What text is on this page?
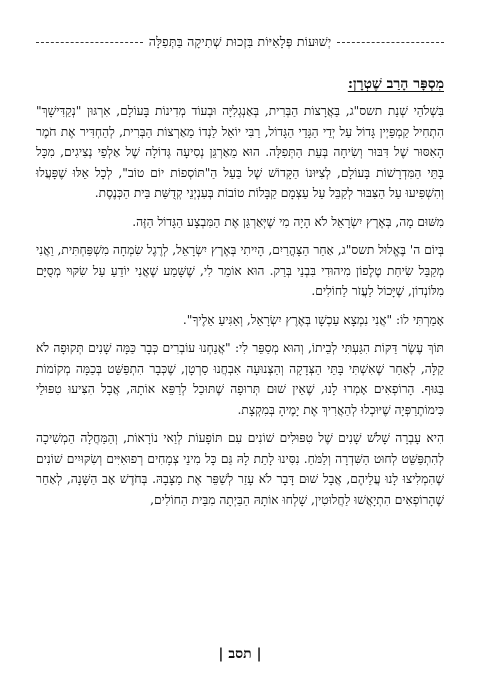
יְשׁוּעוֹת פְּלָאִיּוֹת בִּזְכוּת שְׁתִיקָה בַּתְּפִלָּה
מִסְפָּר הָרַב שֶׁטְרָן:

בִּשְׁלֹהֵי שְׁנַת תשס"ג, בַּאֲרָצוֹת הַבְּרִית, בְּאַנְגְלִיָּה וּבְעוֹד מְדִינוֹת בָּעוֹלָם, אִרְגּוּן "נְקַדִּישָׁךְ" הִתְחִיל קַמְפֵּיְין גָּדוֹל עַל יְדֵי הַגָּדֵי הַגָּדוֹל, רַבִּי יוֹאֵל לַנְדוֹ מֵאַרְצוֹת הַבְּרִית, לְהַחְדִּיר אֶת חֹמֶר הָאִסּוּר שֶׁל דִּבּוּר וְשִׂיחָה בְּעֵת הַתְּפִלָּה. הוּא מֵאַרְגֵּן נְסִיעָה גְּדוֹלָה שֶׁל אַלְפֵי נְצִיגִים, מִכָּל בָּתֵּי הַמִּדְרָשׁוֹת בָּעוֹלָם, לְצִיּוּנוֹ הַקָּדוֹשׁ שֶׁל בַּעַל הַ"תּוֹסְפוֹת יוֹם טוֹב", לְכָל אֵלּוּ שֶׁפָּעֲלוּ וְהִשְׁפִּיעוּ עַל הַצִּבּוּר לְקַבֵּל עַל עַצְמָם קַבָּלוֹת טוֹבוֹת בְּעִנְיְנֵי קְדֻשַּׁת בֵּית הַכְּנֶסֶת.

מִשּׁוּם מָה, בְּאֶרֶץ יִשְׂרָאֵל לֹא הָיָה מִי שֶׁיְּאַרְגֵּן אֶת הַמִּבְצָע הַגָּדוֹל הַזֶּה.

בְּיוֹם ה' בֶּאֱלוּל תשס"ג, אַחַר הַצָּהֳרַיִם, הָיִיתִי בְּאֶרֶץ יִשְׂרָאֵל, לְרֶגֶל שִׂמְחָה מִשְׁפַּחְתִּית, וַאֲנִי מְקַבֵּל שִׂיחַת טֶלֶפוֹן מִיהוּדִי בִּבְנֵי בְּרַק. הוּא אוֹמֵר לִי, שֶׁשָּׁמַע שֶׁאֲנִי יוֹדֵעַ עַל שִׂקּוּי מְסֻיָּם מִלּוֹנְדוֹן, שֶׁיָּכוֹל לַעֲזֹר לַחוֹלִים.

אָמַרְתִּי לוֹ: "אֲנִי נִמְצָא עַכְשָׁו בְּאֶרֶץ יִשְׂרָאֵל, וְאַגִּיעַ אֵלֶיךָ".

תּוֹךְ עֶשֶׂר דַּקּוֹת הִגַּעְתִּי לְבֵיתוֹ, וְהוּא מְסַפֵּר לִי: "אֲנַחְנוּ עוֹבְרִים כְּבָר כַּמָּה שָׁנִים תְּקוּפָה לֹא קַלָּה, לְאַחַר שֶׁאִשְׁתִּי בָּתֵּי הַצְּדָקָה וְהַצְּנוּעָה אִבְחֲנוּ סַרְטָן, שֶׁכְּבָר הִתְפַּשֵּׁט בְּכַמָּה מְקוֹמוֹת בַּגּוּף. הָרוֹפְאִים אָמְרוּ לָנוּ, שֶׁאֵין שׁוּם תְּרוּפָה שֶׁתּוּכַל לְרַפֵּא אוֹתָהּ, אֲבָל הִצִּיעוּ טִפּוּלֵי כִּימוֹתֶרַפְּיָה שֶׁיּוּכְלוּ לְהַאֲרִיךְ אֶת יָמֶיהָ בְּמִקְצָת.

הִיא עָבְרָה שָׁלֹשׁ שָׁנִים שֶׁל טִפּוּלִים שׁוֹנִים עִם תּוֹפָעוֹת לְוַאי נוֹרָאוֹת, וְהַמַּחֲלָה הַמְשִׁיכָה לְהִתְפַּשֵּׁט לְחוּט הַשִּׁדְרָה וְלַמֹּחַ. נִסִּינוּ לָתֵת לָהּ גַּם כָּל מִינֵי צְמָחִים רְפוּאִיִּים וְשִׂקּוּיִים שׁוֹנִים שֶׁהִמְלִיצוּ לָנוּ עֲלֵיהֶם, אֲבָל שׁוּם דָּבָר לֹא עָזַר לְשַׁפֵּר אֶת מַצָּבָהּ. בְּחֹדֶשׁ אָב הַשָּׁנָה, לְאַחַר שֶׁהָרוֹפְאִים הִתְיָאֲשׁוּ לַחֲלוּטִין, שָׁלְחוּ אוֹתָהּ הַבַּיְתָה מִבֵּית הַחוֹלִים,

| תסב |
